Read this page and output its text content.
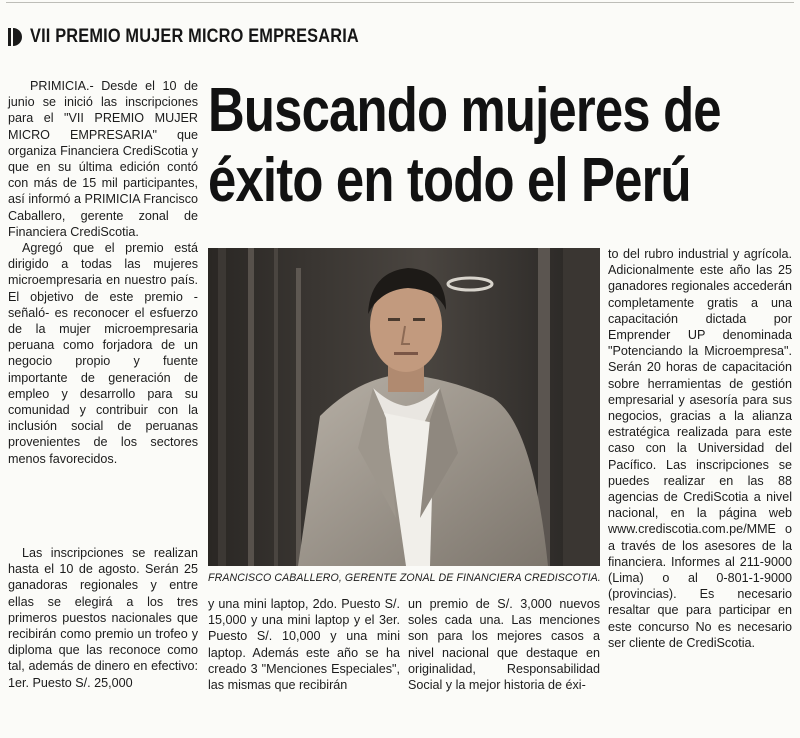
VII PREMIO MUJER MICRO EMPRESARIA

PRIMICIA.- Desde el 10 de junio se inició las inscripciones para el "VII PREMIO MUJER MICRO EMPRESARIA" que organiza Financiera CrediScotia y que en su última edición contó con más de 15 mil participantes, así informó a PRIMICIA Francisco Caballero, gerente zonal de Financiera CrediScotia.

Agregó que el premio está dirigido a todas las mujeres microempresaria en nuestro país. El objetivo de este premio -señaló- es reconocer el esfuerzo de la mujer microempresaria peruana como forjadora de un negocio propio y fuente importante de generación de empleo y desarrollo para su comunidad y contribuir con la inclusión social de peruanas provenientes de los sectores menos favorecidos.

Las inscripciones se realizan hasta el 10 de agosto. Serán 25 ganadoras regionales y entre ellas se elegirá a los tres primeros puestos nacionales que recibirán como premio un trofeo y diploma que las reconoce como tal, además de dinero en efectivo: 1er. Puesto S/. 25,000

Buscando mujeres de
éxito en todo el Perú
FRANCISCO CABALLERO, GERENTE ZONAL DE FINANCIERA CREDISCOTIA.

y una mini laptop, 2do. Puesto S/. 15,000 y una mini laptop y el 3er. Puesto S/. 10,000 y una mini laptop. Además este año se ha creado 3 "Menciones Especiales", las mismas que recibirán

un premio de S/. 3,000 nuevos soles cada una. Las menciones son para los mejores casos a nivel nacional que destaque en originalidad, Responsabilidad Social y la mejor historia de éxi-

to del rubro industrial y agrícola. Adicionalmente este año las 25 ganadores regionales accederán completamente gratis a una capacitación dictada por Emprender UP denominada "Potenciando la Microempresa". Serán 20 horas de capacitación sobre herramientas de gestión empresarial y asesoría para sus negocios, gracias a la alianza estratégica realizada para este caso con la Universidad del Pacífico. Las inscripciones se puedes realizar en las 88 agencias de CrediScotia a nivel nacional, en la página web www.crediscotia.com.pe/MME o a través de los asesores de la financiera. Informes al 211-9000 (Lima) o al 0-801-1-9000 (provincias). Es necesario resaltar que para participar en este concurso No es necesario ser cliente de CrediScotia.
